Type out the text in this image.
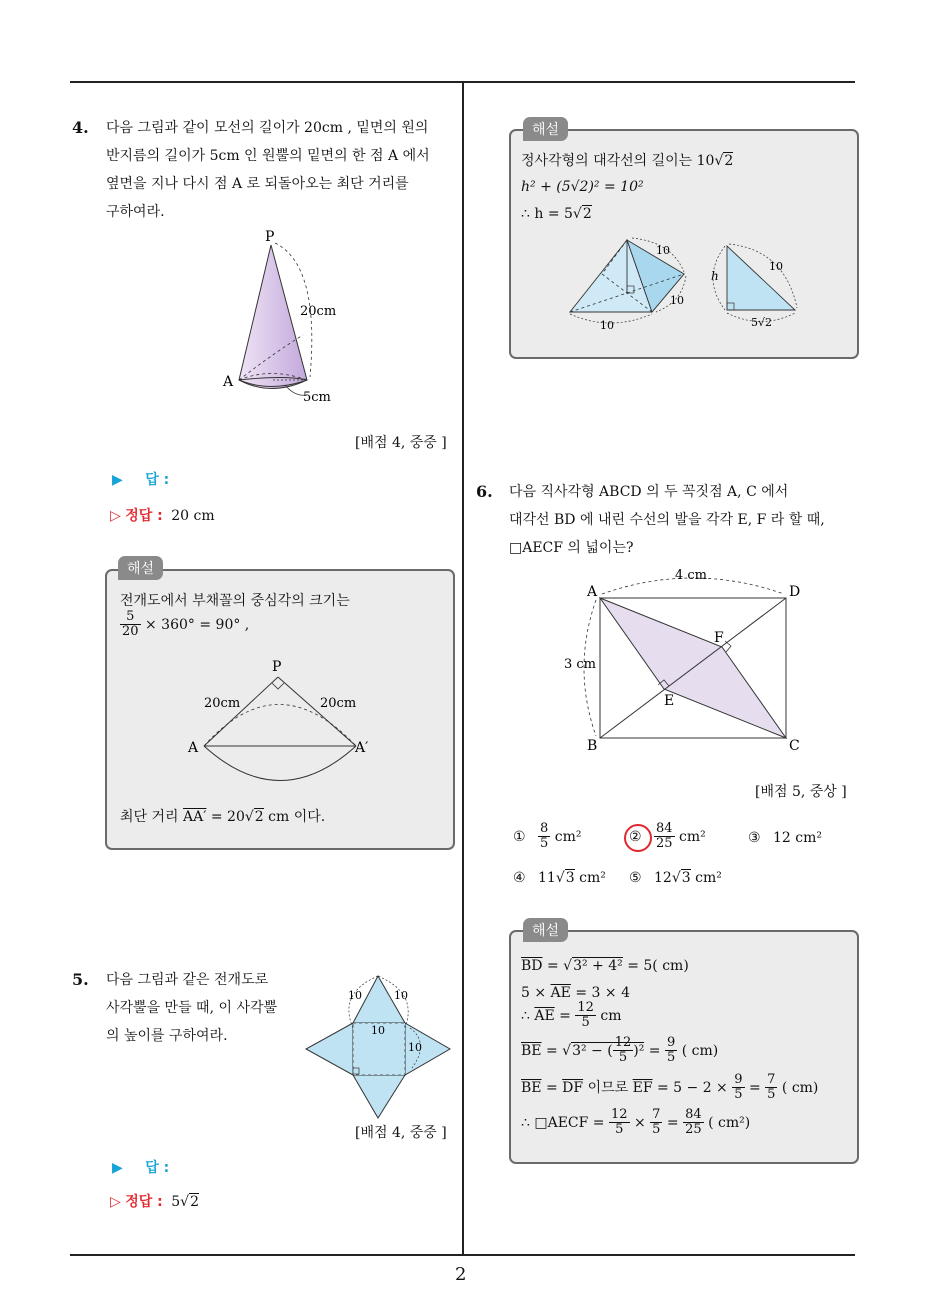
2
4. 다음 그림과 같이 모선의 길이가 20cm , 밑면의 원의
반지름의 길이가 5cm 인 원뿔의 밑면의 한 점 A 에서
옆면을 지나 다시 점 A 로 되돌아오는 최단 거리를
구하여라.
P
A
20cm
5cm
[배점 4, 중중 ]
▶ 답 :
▷ 정답 : 20 cm
해설
전개도에서 부채꼴의 중심각의 크기는
$\frac{5}{20} \times 360^\circ = 90^\circ$ ,
P
A	A′
20cm	20cm
최단 거리 AA′ = 20√2 cm 이다.
5. 다음 그림과 같은 전개도로
사각뿔을 만들 때, 이 사각뿔
의 높이를 구하여라.
10	10
10
10
[배점 4, 중중 ]
▶ 답 :
▷ 정답 : 5√2
해설
정사각형의 대각선의 길이는 10√2
h² + (5√2)² = 10²
∴ h = 5√2
10
10
10
h
10
5√2
6. 다음 직사각형 ABCD 의 두 꼭짓점 A, C 에서
대각선 BD 에 내린 수선의 발을 각각 E, F 라 할 때,
□AECF 의 넓이는?
A	D
B	C
E
F
4 cm
3 cm
[배점 5, 중상 ]
① $\frac{8}{5} cm^2$	② $\frac{84}{25} cm^2$	③ 12 cm²
④ 11√3 cm² ⑤ 12√3 cm²
해설
$\overline{BD} = √3^2 + 4^2 = 5$( cm)
$5 \times \overline{AE} = 3 \times 4$
∴ $\overline{AE} = \frac{12}{5}$ cm
$\overline{BE} = √3^2$ − ( $\frac{12}{5} )^2 = \frac{9}{5}$ ( cm)
$\overline{BE} = \overline{DF}$ 이므로 $\overline{EF} = 5 - 2 \times \frac{9}{5} = \frac{7}{5}$ ( cm)
∴ □AECF = $\frac{12}{5} \times \frac{7}{5} = \frac{84}{25}$ ( cm²)
